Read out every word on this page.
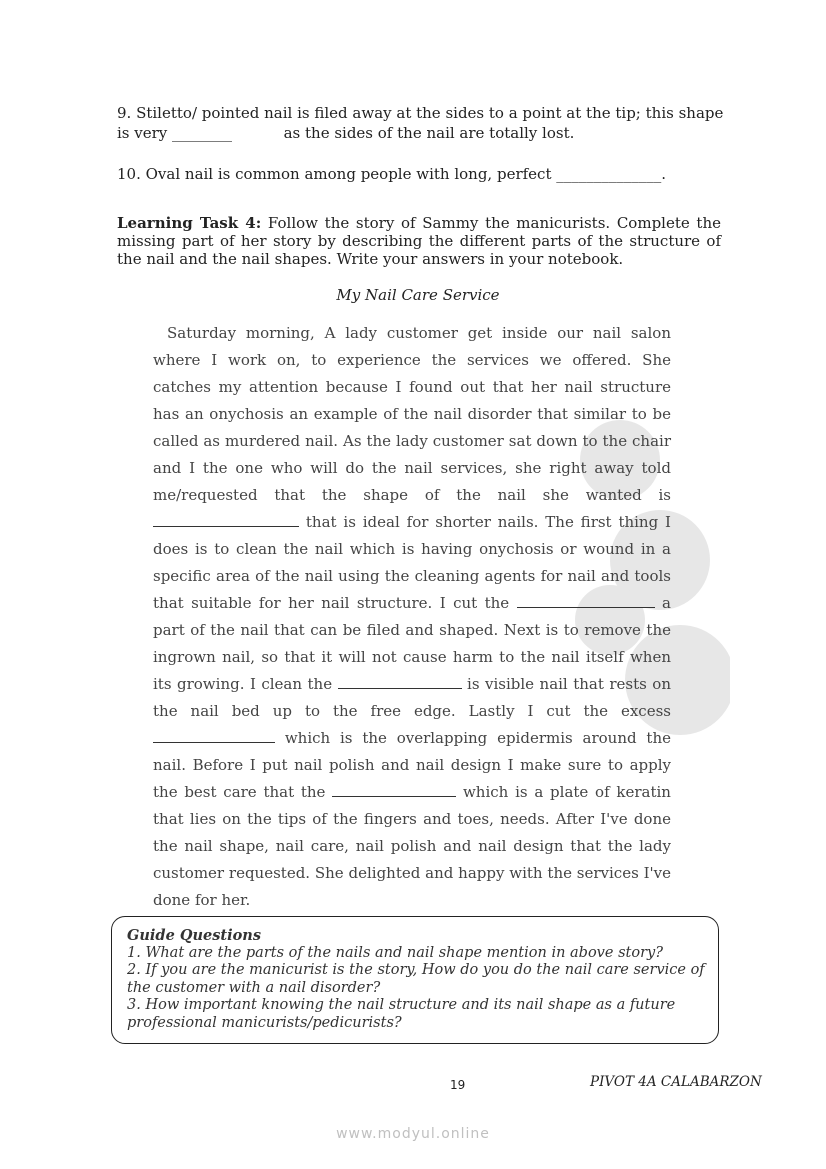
9. Stiletto/ pointed nail is filed away at the sides to a point at the tip; this shape
is very ________	as the sides of the nail are totally lost.
10. Oval nail is common among people with long, perfect ______________.
Learning Task 4: Follow the story of Sammy the manicurists. Complete the missing part of her story by describing the different parts of the structure of the nail and the nail shapes. Write your answers in your notebook.
My Nail Care Service
Saturday morning, A lady customer get inside our nail salon where I work on, to experience the services we offered. She catches my attention because I found out that her nail structure has an onychosis an example of the nail disorder that similar to be called as murdered nail. As the lady customer sat down to the chair and I the one who will do the nail services, she right away told me/requested that the shape of the nail she wanted is  that is ideal for shorter nails. The first thing I does is to clean the nail which is having onychosis or wound in a specific area of the nail using the cleaning agents for nail and tools that suitable for her nail structure. I cut the	a part of the nail that can be filed and shaped. Next is to remove the ingrown nail, so that it will not cause harm to the nail itself when its growing. I clean the	is visible nail that rests on the nail bed up to the free edge. Lastly I cut the excess  which is the overlapping epidermis around the nail. Before I put nail polish and nail design I make sure to apply the best care that the	which is a plate of keratin that lies on the tips of the fingers and toes, needs. After I've done the nail shape, nail care, nail polish and nail design that the lady customer requested. She delighted and happy with the services I've done for her.
Guide Questions
1. What are the parts of the nails and nail shape mention in above story?
2. If you are the manicurist is the story, How do you do the nail care service of the customer with a nail disorder?
3. How important knowing the nail structure and its nail shape as a future professional manicurists/pedicurists?
19	PIVOT 4A CALABARZON
www.modyul.online
